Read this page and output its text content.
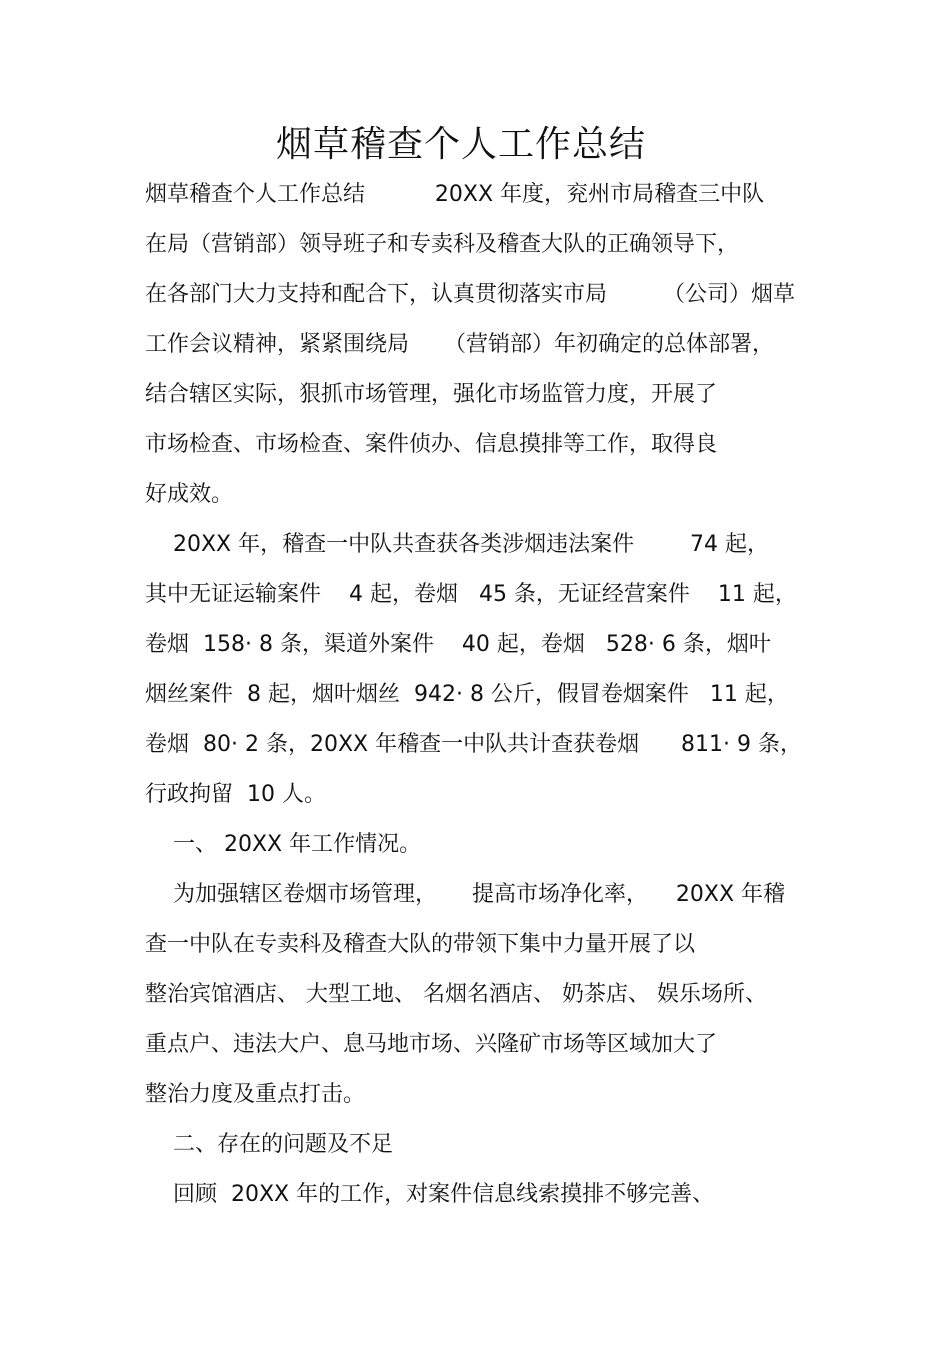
烟草稽查个人工作总结
烟草稽查个人工作总结          20XX 年度，兖州市局稽查三中队
在局（营销部）领导班子和专卖科及稽查大队的正确领导下，
在各部门大力支持和配合下，认真贯彻落实市局        （公司）烟草
工作会议精神，紧紧围绕局     （营销部）年初确定的总体部署，
结合辖区实际，狠抓市场管理，强化市场监管力度，开展了
市场检查、市场检查、案件侦办、信息摸排等工作，取得良
好成效。
20XX 年，稽查一中队共查获各类涉烟违法案件        74 起，
其中无证运输案件    4 起，卷烟   45 条，无证经营案件    11 起，
卷烟  158· 8 条，渠道外案件    40 起，卷烟   528· 6 条，烟叶
烟丝案件  8 起，烟叶烟丝  942· 8 公斤，假冒卷烟案件   11 起，
卷烟  80· 2 条，20XX 年稽查一中队共计查获卷烟      811· 9 条，
行政拘留  10 人。
一、 20XX 年工作情况。
为加强辖区卷烟市场管理，     提高市场净化率，    20XX 年稽
查一中队在专卖科及稽查大队的带领下集中力量开展了以
整治宾馆酒店、 大型工地、 名烟名酒店、 奶茶店、 娱乐场所、
重点户、违法大户、息马地市场、兴隆矿市场等区域加大了
整治力度及重点打击。
二、存在的问题及不足
回顾  20XX 年的工作，对案件信息线索摸排不够完善、
